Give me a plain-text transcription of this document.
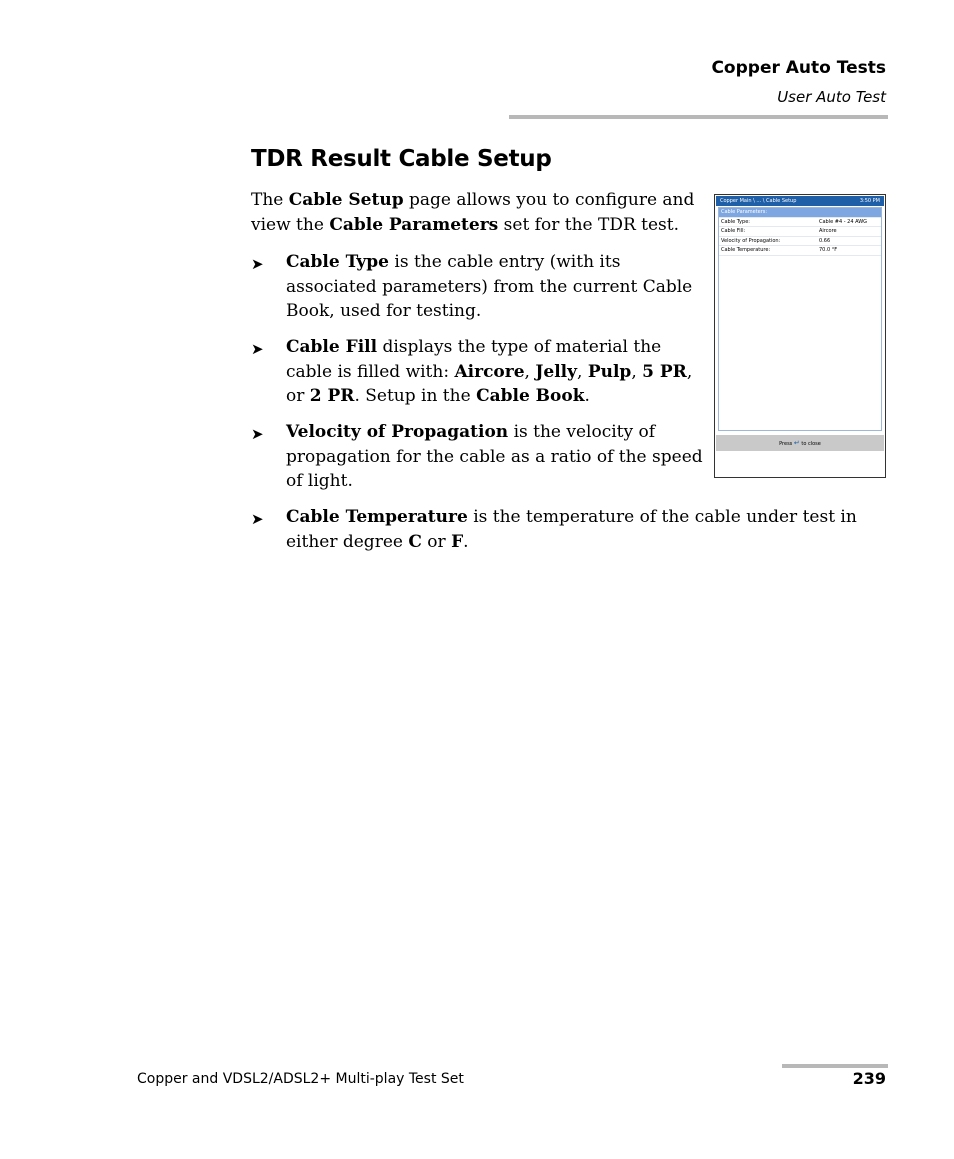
Copper Auto Tests
User Auto Test
TDR Result Cable Setup

The Cable Setup page allows you to configure and view the Cable Parameters set for the TDR test.

➤ Cable Type is the cable entry (with its associated parameters) from the current Cable Book, used for testing.

➤ Cable Fill displays the type of material the cable is filled with: Aircore, Jelly, Pulp, 5 PR, or 2 PR. Setup in the Cable Book.

➤ Velocity of Propagation is the velocity of propagation for the cable as a ratio of the speed of light.

➤ Cable Temperature is the temperature of the cable under test in either degree C or F.

Copper Main \ ... \ Cable Setup	3:50 PM
Cable Parameters:
Cable Type:	Cable #4 - 24 AWG
Cable Fill:	Aircore
Velocity of Propagation:	0.66
Cable Temperature:	70.0 °F
Press ↵ to close
Copper and VDSL2/ADSL2+ Multi-play Test Set	239
